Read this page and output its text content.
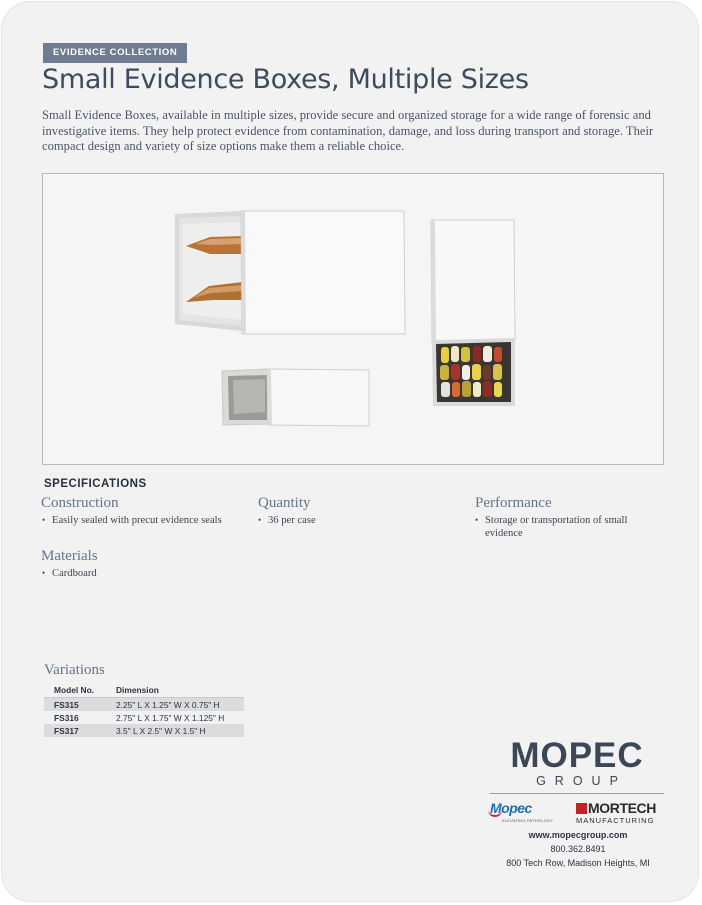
EVIDENCE COLLECTION
Small Evidence Boxes, Multiple Sizes
Small Evidence Boxes, available in multiple sizes, provide secure and organized storage for a wide range of forensic and investigative items. They help protect evidence from contamination, damage, and loss during transport and storage. Their compact design and variety of size options make them a reliable choice.
SPECIFICATIONS
Construction
• Easily sealed with precut evidence seals
Quantity
• 36 per case
Performance
• Storage or transportation of small evidence
Materials
• Cardboard
Variations
Model No.	Dimension
FS315	2.25" L X 1.25" W X 0.75" H
FS316	2.75" L X 1.75" W X 1.125" H
FS317	3.5" L X 2.5" W X 1.5" H
MOPEC
GROUP
Mopec
ELEVATING PATHOLOGY
MORTECH
MANUFACTURING
www.mopecgroup.com
800.362.8491
800 Tech Row, Madison Heights, MI
